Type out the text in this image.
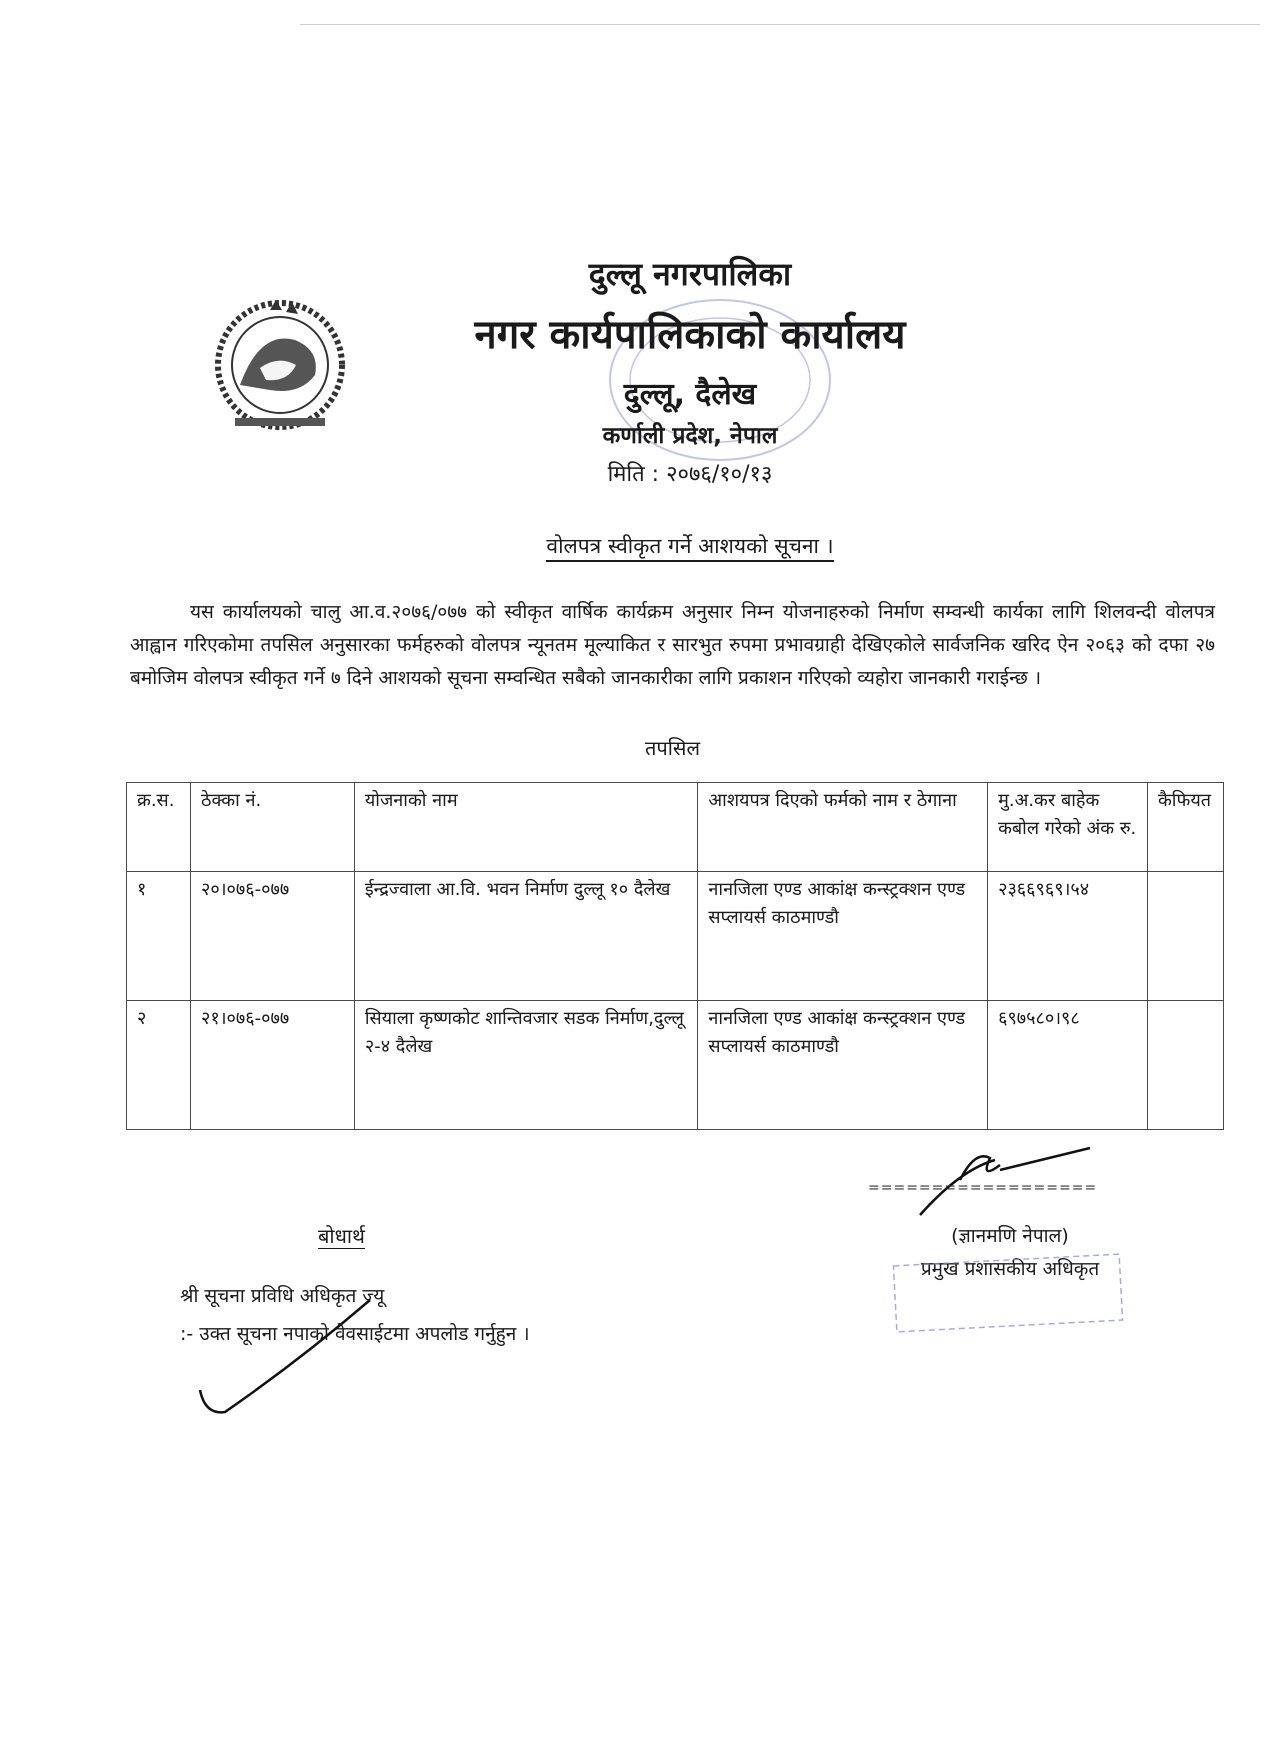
दुल्लू नगरपालिका
नगर कार्यपालिकाको कार्यालय
दुल्लू, दैलेख
कर्णाली प्रदेश, नेपाल
मिति : २०७६/१०/१३
वोलपत्र स्वीकृत गर्ने आशयको सूचना ।
यस कार्यालयको चालु आ.व.२०७६/०७७ को स्वीकृत वार्षिक कार्यक्रम अनुसार निम्न योजनाहरुको निर्माण सम्वन्धी कार्यका लागि शिलवन्दी वोलपत्र आह्वान गरिएकोमा तपसिल अनुसारका फर्महरुको वोलपत्र न्यूनतम मूल्याकित र सारभुत रुपमा प्रभावग्राही देखिएकोले सार्वजनिक खरिद ऐन २०६३ को दफा २७ बमोजिम वोलपत्र स्वीकृत गर्ने ७ दिने आशयको सूचना सम्वन्धित सबैको जानकारीका लागि प्रकाशन गरिएको व्यहोरा जानकारी गराईन्छ ।
तपसिल
क्र.स.	ठेक्का नं.	योजनाको नाम	आशयपत्र दिएको फर्मको नाम र ठेगाना	मु.अ.कर बाहेक कबोल गरेको अंक रु.	कैफियत
१	२०।०७६-०७७	ईन्द्रज्वाला आ.वि. भवन निर्माण दुल्लू १० दैलेख	नानजिला एण्ड आकांक्ष कन्स्ट्रक्शन एण्ड सप्लायर्स काठमाण्डौ	२३६६९६९।५४	
२	२१।०७६-०७७	सियाला कृष्णकोट शान्तिवजार सडक निर्माण,दुल्लू २-४ दैलेख	नानजिला एण्ड आकांक्ष कन्स्ट्रक्शन एण्ड सप्लायर्स काठमाण्डौ	६९७५८०।९८	
==================
(ज्ञानमणि नेपाल)
प्रमुख प्रशासकीय अधिकृत
बोधार्थ
श्री सूचना प्रविधि अधिकृत ज्यू
:- उक्त सूचना नपाको वेवसाईटमा अपलोड गर्नुहुन ।
